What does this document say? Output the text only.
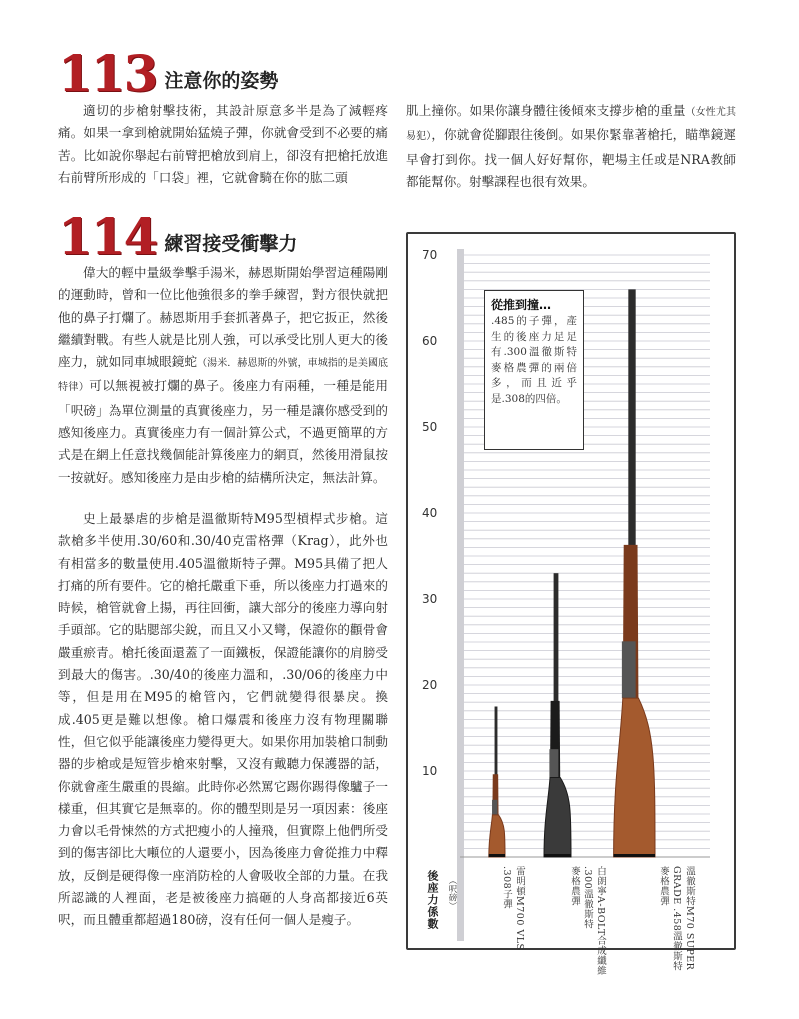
113 注意你的姿勢
適切的步槍射擊技術，其設計原意多半是為了減輕疼痛。如果一拿到槍就開始猛燒子彈，你就會受到不必要的痛苦。比如說你舉起右前臂把槍放到肩上，卻沒有把槍托放進右前臂所形成的「口袋」裡，它就會騎在你的肱二頭
肌上撞你。如果你讓身體往後傾來支撐步槍的重量（女性尤其易犯），你就會從腳跟往後倒。如果你緊靠著槍托，瞄準鏡遲早會打到你。找一個人好好幫你，靶場主任或是NRA教師都能幫你。射擊課程也很有效果。
114 練習接受衝擊力
偉大的輕中量級拳擊手湯米，赫恩斯開始學習這種陽剛的運動時，曾和一位比他強很多的拳手練習，對方很快就把他的鼻子打爛了。赫恩斯用手套抓著鼻子，把它扳正，然後繼續對戰。有些人就是比別人強，可以承受比別人更大的後座力，就如同車城眼鏡蛇（湯米．赫恩斯的外號，車城指的是美國底特律）可以無視被打爛的鼻子。後座力有兩種，一種是能用「呎磅」為單位測量的真實後座力，另一種是讓你感受到的感知後座力。真實後座力有一個計算公式，不過更簡單的方式是在網上任意找幾個能計算後座力的網頁，然後用滑鼠按一按就好。感知後座力是由步槍的結構所決定，無法計算。
史上最暴虐的步槍是溫徹斯特M95型槓桿式步槍。這款槍多半使用.30/60和.30/40克雷格彈（Krag），此外也有相當多的數量使用.405溫徹斯特子彈。M95具備了把人打痛的所有要件。它的槍托嚴重下垂，所以後座力打過來的時候，槍管就會上揚，再往回衝，讓大部分的後座力導向射手頭部。它的貼腮部尖銳，而且又小又彎，保證你的顴骨會嚴重瘀青。槍托後面還蓋了一面鐵板，保證能讓你的肩膀受到最大的傷害。.30/40的後座力溫和，.30/06的後座力中等，但是用在M95的槍管內，它們就變得很暴戾。換成.405更是難以想像。槍口爆震和後座力沒有物理關聯性，但它似乎能讓後座力變得更大。如果你用加裝槍口制動器的步槍或是短管步槍來射擊，又沒有戴聽力保護器的話，你就會產生嚴重的畏縮。此時你必然罵它踢你踢得像驢子一樣重，但其實它是無辜的。你的體型則是另一項因素：後座力會以毛骨悚然的方式把瘦小的人撞飛，但實際上他們所受到的傷害卻比大噸位的人還要小，因為後座力會從推力中釋放，反倒是硬得像一座消防栓的人會吸收全部的力量。在我所認識的人裡面，老是被後座力搞砸的人身高都接近6英呎，而且體重都超過180磅，沒有任何一個人是瘦子。
10
20
30
40
50
60
70
從推到撞…
.485的子彈，產生的後座力足足有.300溫徹斯特麥格農彈的兩倍多，而且近乎是.308的四倍。
後座力係數 （呎磅）	雷明頓M700 VLS
.308子彈	白朗寧A-BOLT合成纖維
.300溫徹斯特
麥格農彈	溫徹斯特M70 SUPER
GRADE .458溫徹斯特
麥格農彈
